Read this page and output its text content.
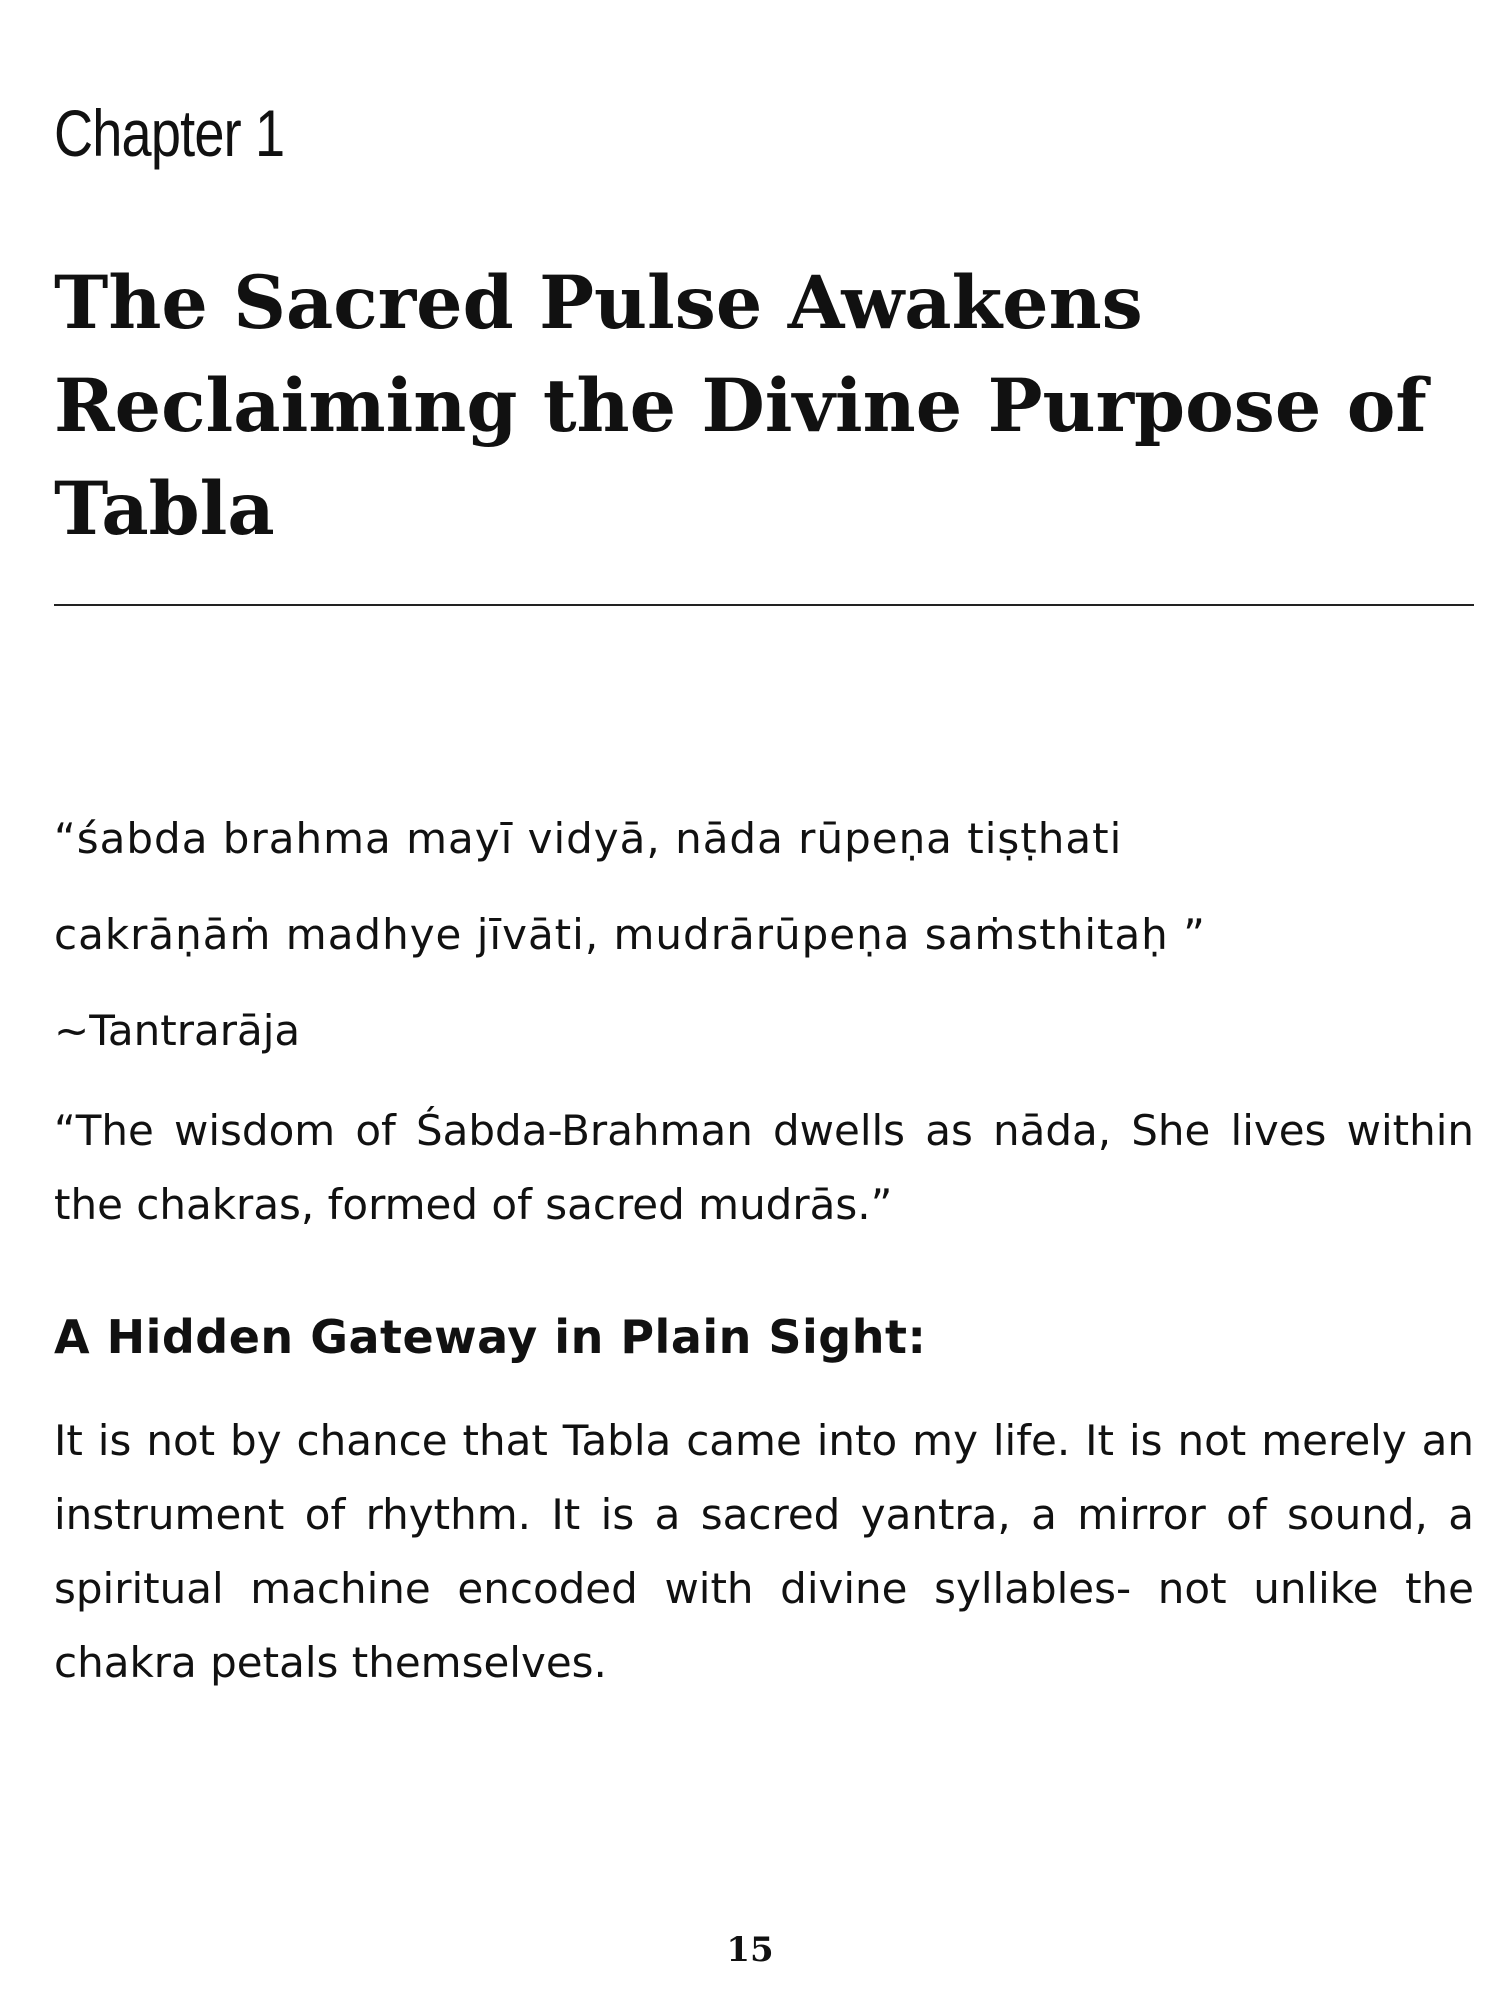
Chapter 1
The Sacred Pulse Awakens Reclaiming the Divine Purpose of Tabla
“śabda brahma mayī vidyā, nāda rūpeṇa tiṣṭhati
cakrāṇāṁ madhye jīvāti, mudrārūpeṇa saṁsthitaḥ ”
~Tantrarāja

“The wisdom of Śabda-Brahman dwells as nāda, She lives within the chakras, formed of sacred mudrās.”

A Hidden Gateway in Plain Sight:

It is not by chance that Tabla came into my life. It is not merely an instrument of rhythm. It is a sacred yantra, a mirror of sound, a spiritual machine encoded with divine syllables- not unlike the chakra petals themselves.

15
